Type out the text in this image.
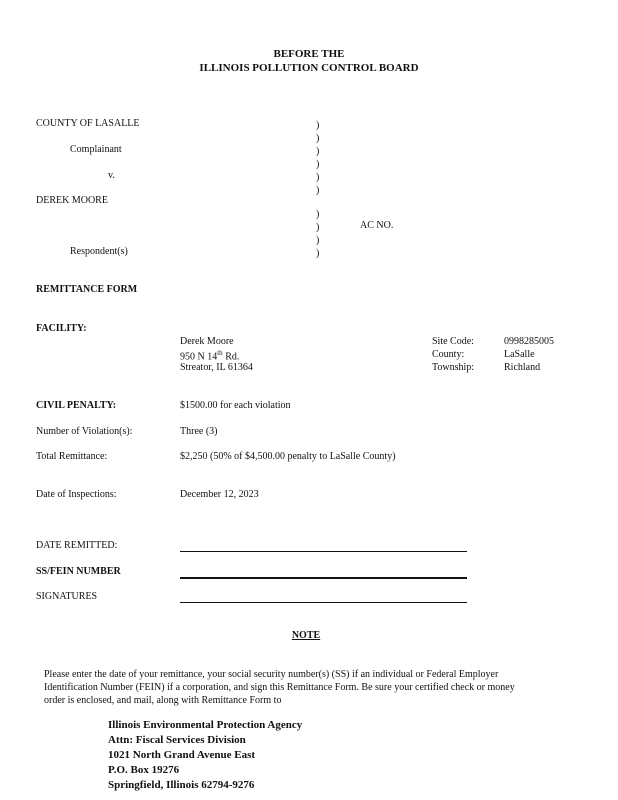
BEFORE THE
ILLINOIS POLLUTION CONTROL BOARD
COUNTY OF LASALLE
Complainant
v.
DEREK MOORE
AC NO.
Respondent(s)
)
)
)
)
)
)
)
)
)
)
REMITTANCE FORM
FACILITY:
Derek Moore
950 N 14th Rd.
Streator, IL 61364
Site Code:	0998285005
County:	LaSalle
Township:	Richland
CIVIL PENALTY:	$1500.00 for each violation
Number of Violation(s):	Three (3)
Total Remittance:	$2,250 (50% of $4,500.00 penalty to LaSalle County)
Date of Inspections:	December 12, 2023
DATE REMITTED:
SS/FEIN NUMBER
SIGNATURES
NOTE
Please enter the date of your remittance, your social security number(s) (SS) if an individual or Federal Employer
Identification Number (FEIN) if a corporation, and sign this Remittance Form. Be sure your certified check or money
order is enclosed, and mail, along with Remittance Form to
Illinois Environmental Protection Agency
Attn: Fiscal Services Division
1021 North Grand Avenue East
P.O. Box 19276
Springfield, Illinois 62794-9276
